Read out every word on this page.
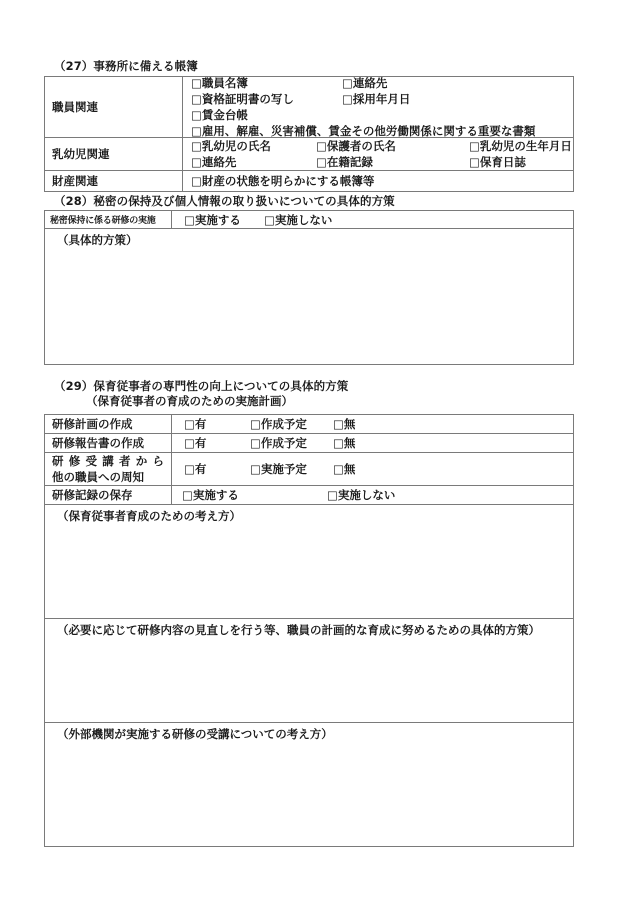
（27）事務所に備える帳簿
職員関連
□職員名簿	□連絡先
□資格証明書の写し	□採用年月日
□賃金台帳
□雇用、解雇、災害補償、賃金その他労働関係に関する重要な書類
乳幼児関連
□乳幼児の氏名	□保護者の氏名	□乳幼児の生年月日
□連絡先	□在籍記録	□保育日誌
財産関連	□財産の状態を明らかにする帳簿等
（28）秘密の保持及び個人情報の取り扱いについての具体的方策
秘密保持に係る研修の実施 □実施する	□実施しない
（具体的方策）
（29）保育従事者の専門性の向上についての具体的方策
（保育従事者の育成のための実施計画）
研修計画の作成	□有	□作成予定	□無
研修報告書の作成	□有	□作成予定	□無
研修受講者から
他の職員への周知
□有	□実施予定	□無
研修記録の保存	□実施する	□実施しない
（保育従事者育成のための考え方）
（必要に応じて研修内容の見直しを行う等、職員の計画的な育成に努めるための具体的方策）
（外部機関が実施する研修の受講についての考え方）
